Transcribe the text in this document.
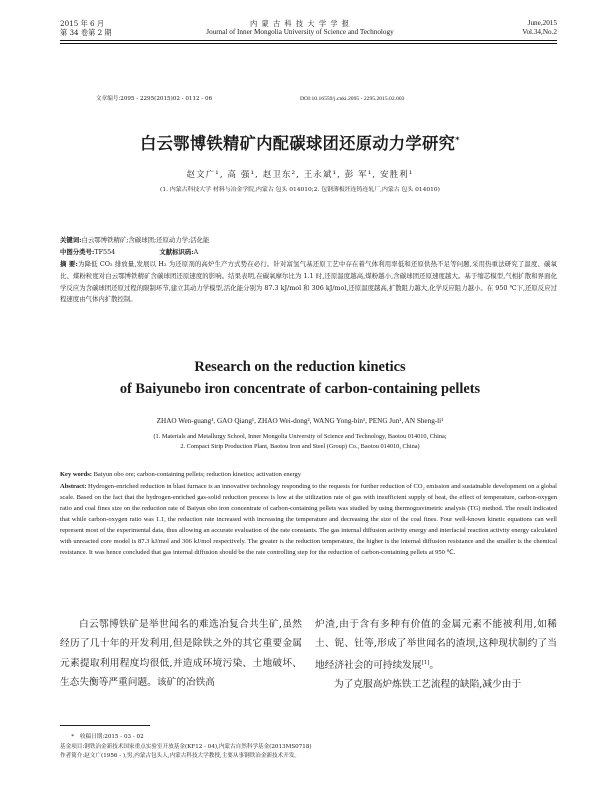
2015 年 6 月
第 34 卷第 2 期
内 蒙 古 科 技 大 学 学 报
Journal of Inner Mongolia University of Science and Technology
June,2015
Vol.34,No.2
文章编号:2095 - 2295(2015)02 - 0112 - 06	DOI:10.16559/j.cnki.2095 - 2295.2015.02.003
白云鄂博铁精矿内配碳球团还原动力学研究*
赵文广¹, 高 强¹, 赵卫东², 王永斌¹, 彭 军¹, 安胜利¹
(1. 内蒙古科技大学 材料与冶金学院,内蒙古 包头 014010;2. 包钢薄板坯连铸连轧厂,内蒙古 包头 014010)
关键词:白云鄂博铁精矿;含碳球团;还原动力学;活化能
中图分类号:TF554	文献标识码:A
摘 要:为降低 CO₂ 排放量,发展以 H₂ 为还原剂的高炉生产方式势在必行。针对富氢气基还原工艺中存在着气体利用率低和还原供热不足等问题,采用热重法研究了温度、碳氧比、煤粉粒度对白云鄂博铁精矿含碳球团还原速度的影响。结果表明,在碳氧摩尔比为 1.1 时,还原温度越高,煤粉越小,含碳球团还原速度越大。基于缩芯模型,气相扩散和界面化学反应为含碳球团还原过程的限制环节,建立其动力学模型,活化能分别为 87.3 kJ/mol 和 306 kJ/mol,还原温度越高,扩散阻力越大,化学反应阻力越小。在 950 ℃下,还原反应过程速度由气体内扩散控制。
Research on the reduction kinetics
of Baiyunebo iron concentrate of carbon-containing pellets
ZHAO Wen-guang¹, GAO Qiang¹, ZHAO Wei-dong², WANG Yong-bin¹, PENG Jun¹, AN Sheng-li¹
(1. Materials and Metallurgy School, Inner Mongolia University of Science and Technology, Baotou 014010, China;
2. Compact Strip Production Plant, Baotou Iron and Steel (Group) Co., Baotou 014010, China)
Key words: Baiyun obo ore; carbon-containing pellets; reduction kinetics; activation energy
Abstract: Hydrogen-enriched reduction in blast furnace is an innovative technology responding to the requests for further reduction of CO₂ emission and sustainable development on a global scale. Based on the fact that the hydrogen-enriched gas-solid reduction process is low at the utilization rate of gas with insufficient supply of heat, the effect of temperature, carbon-oxygen ratio and coal fines size on the reduction rate of Baiyun obo iron concentrate of carbon-containing pellets was studied by using thermogravimetric analysis (TG) method. The result indicated that while carbon-oxygen ratio was 1.1, the reduction rate increased with increasing the temperature and decreasing the size of the coal fines. Four well-known kinetic equations can well represent most of the experimental data, thus allowing an accurate evaluation of the rate constants. The gas internal diffusion activity energy and interfacial reaction activity energy calculated with unreacted core model is 87.3 kJ/mol and 306 kJ/mol respectively. The greater is the reduction temperature, the higher is the internal diffusion resistance and the smaller is the chemical resistance. It was hence concluded that gas internal diffusion should be the rate controlling step for the reduction of carbon-containing pellets at 950 ℃.
白云鄂博铁矿是举世闻名的难选冶复合共生矿,虽然经历了几十年的开发利用,但是除铁之外的其它重要金属元素提取利用程度均很低,并造成环境污染、土地破坏、生态失衡等严重问题。该矿的冶铁高
炉渣,由于含有多种有价值的金属元素不能被利用,如稀土、铌、钍等,形成了举世闻名的渣坝,这种现状制约了当地经济社会的可持续发展[1]。
为了克服高炉炼铁工艺流程的缺陷,减少由于
* 收稿日期:2015 - 03 - 02
基金项目:钢铁冶金新技术国家重点实验室开放基金(KF12 - 04),内蒙古自然科学基金(2013MS0718)
作者简介:赵文广(1956 - ),男,内蒙古包头人,内蒙古科技大学教授,主要从事钢铁冶金新技术开发。
